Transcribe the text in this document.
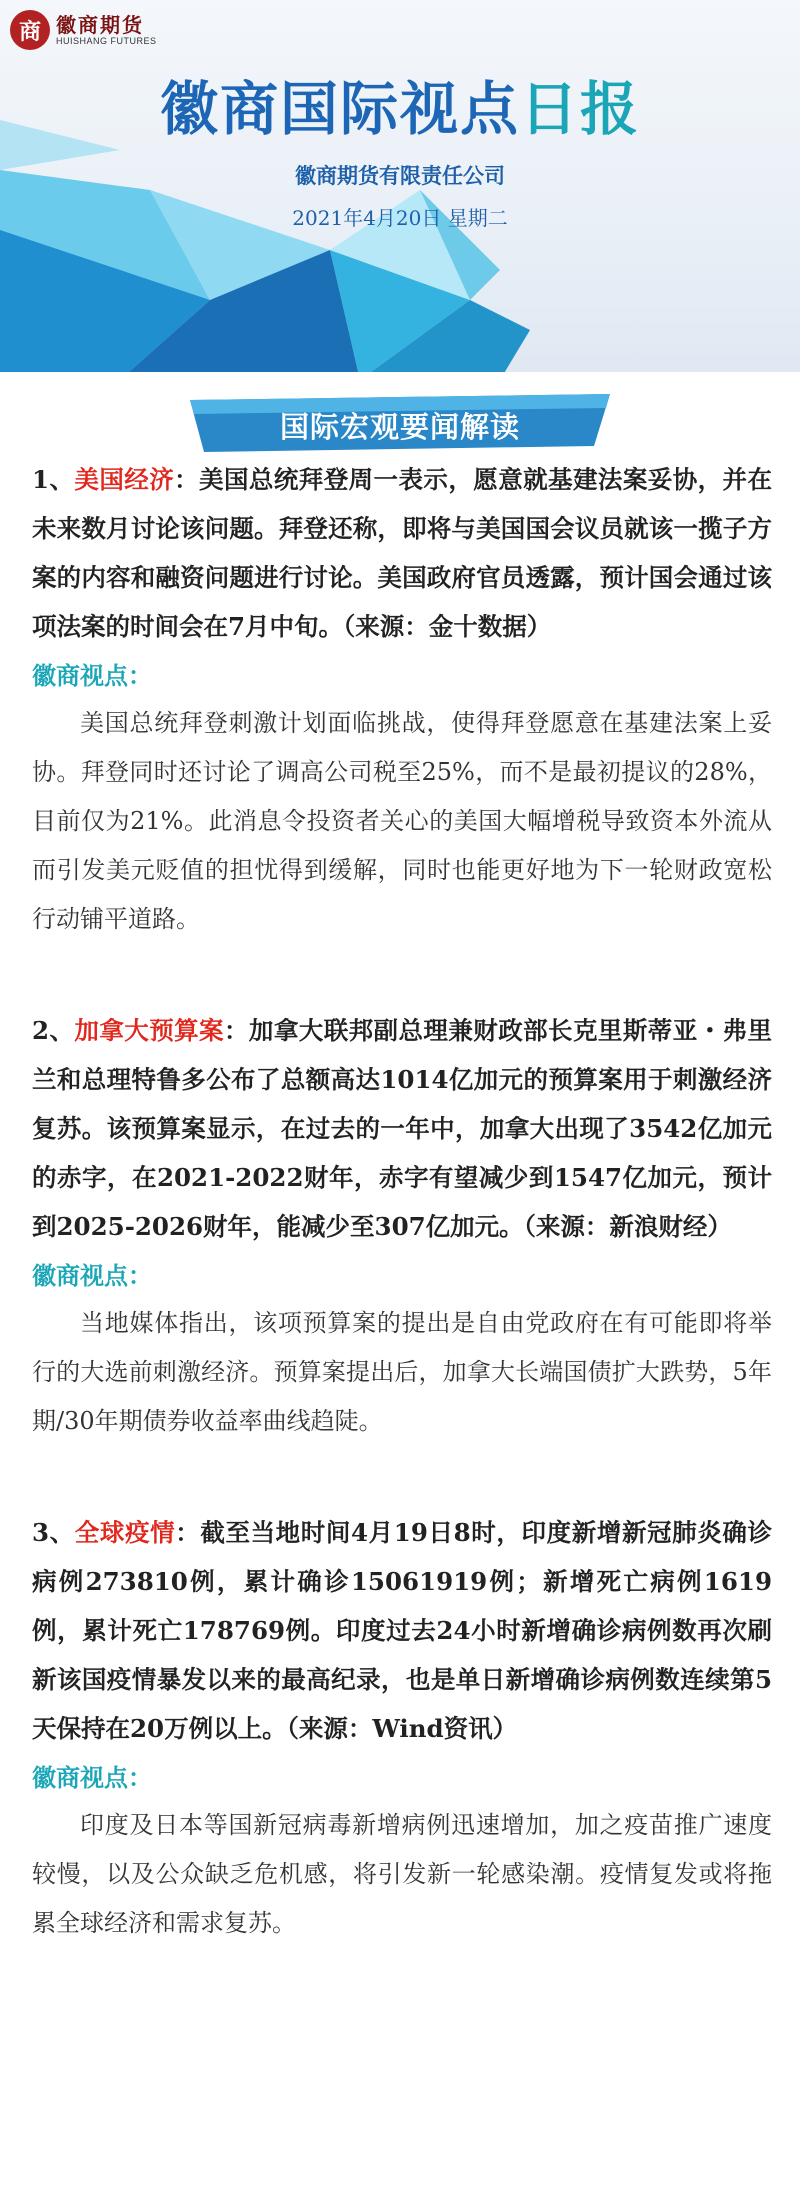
商 徽商期货
HUISHANG FUTURES
徽商国际视点日报
徽商期货有限责任公司
2021年4月20日 星期二
国际宏观要闻解读

1、美国经济：美国总统拜登周一表示，愿意就基建法案妥协，并在未来数月讨论该问题。拜登还称，即将与美国国会议员就该一揽子方案的内容和融资问题进行讨论。美国政府官员透露，预计国会通过该项法案的时间会在7月中旬。（来源：金十数据）

徽商视点：

美国总统拜登刺激计划面临挑战，使得拜登愿意在基建法案上妥协。拜登同时还讨论了调高公司税至25%，而不是最初提议的28%，目前仅为21%。此消息令投资者关心的美国大幅增税导致资本外流从而引发美元贬值的担忧得到缓解，同时也能更好地为下一轮财政宽松行动铺平道路。

2、加拿大预算案：加拿大联邦副总理兼财政部长克里斯蒂亚・弗里兰和总理特鲁多公布了总额高达1014亿加元的预算案用于刺激经济复苏。该预算案显示，在过去的一年中，加拿大出现了3542亿加元的赤字，在2021-2022财年，赤字有望减少到1547亿加元，预计到2025-2026财年，能减少至307亿加元。（来源：新浪财经）

徽商视点：

当地媒体指出，该项预算案的提出是自由党政府在有可能即将举行的大选前刺激经济。预算案提出后，加拿大长端国债扩大跌势，5年期/30年期债券收益率曲线趋陡。

3、全球疫情：截至当地时间4月19日8时，印度新增新冠肺炎确诊病例273810例，累计确诊15061919例；新增死亡病例1619例，累计死亡178769例。印度过去24小时新增确诊病例数再次刷新该国疫情暴发以来的最高纪录，也是单日新增确诊病例数连续第5天保持在20万例以上。（来源：Wind资讯）

徽商视点：

印度及日本等国新冠病毒新增病例迅速增加，加之疫苗推广速度较慢，以及公众缺乏危机感，将引发新一轮感染潮。疫情复发或将拖累全球经济和需求复苏。
